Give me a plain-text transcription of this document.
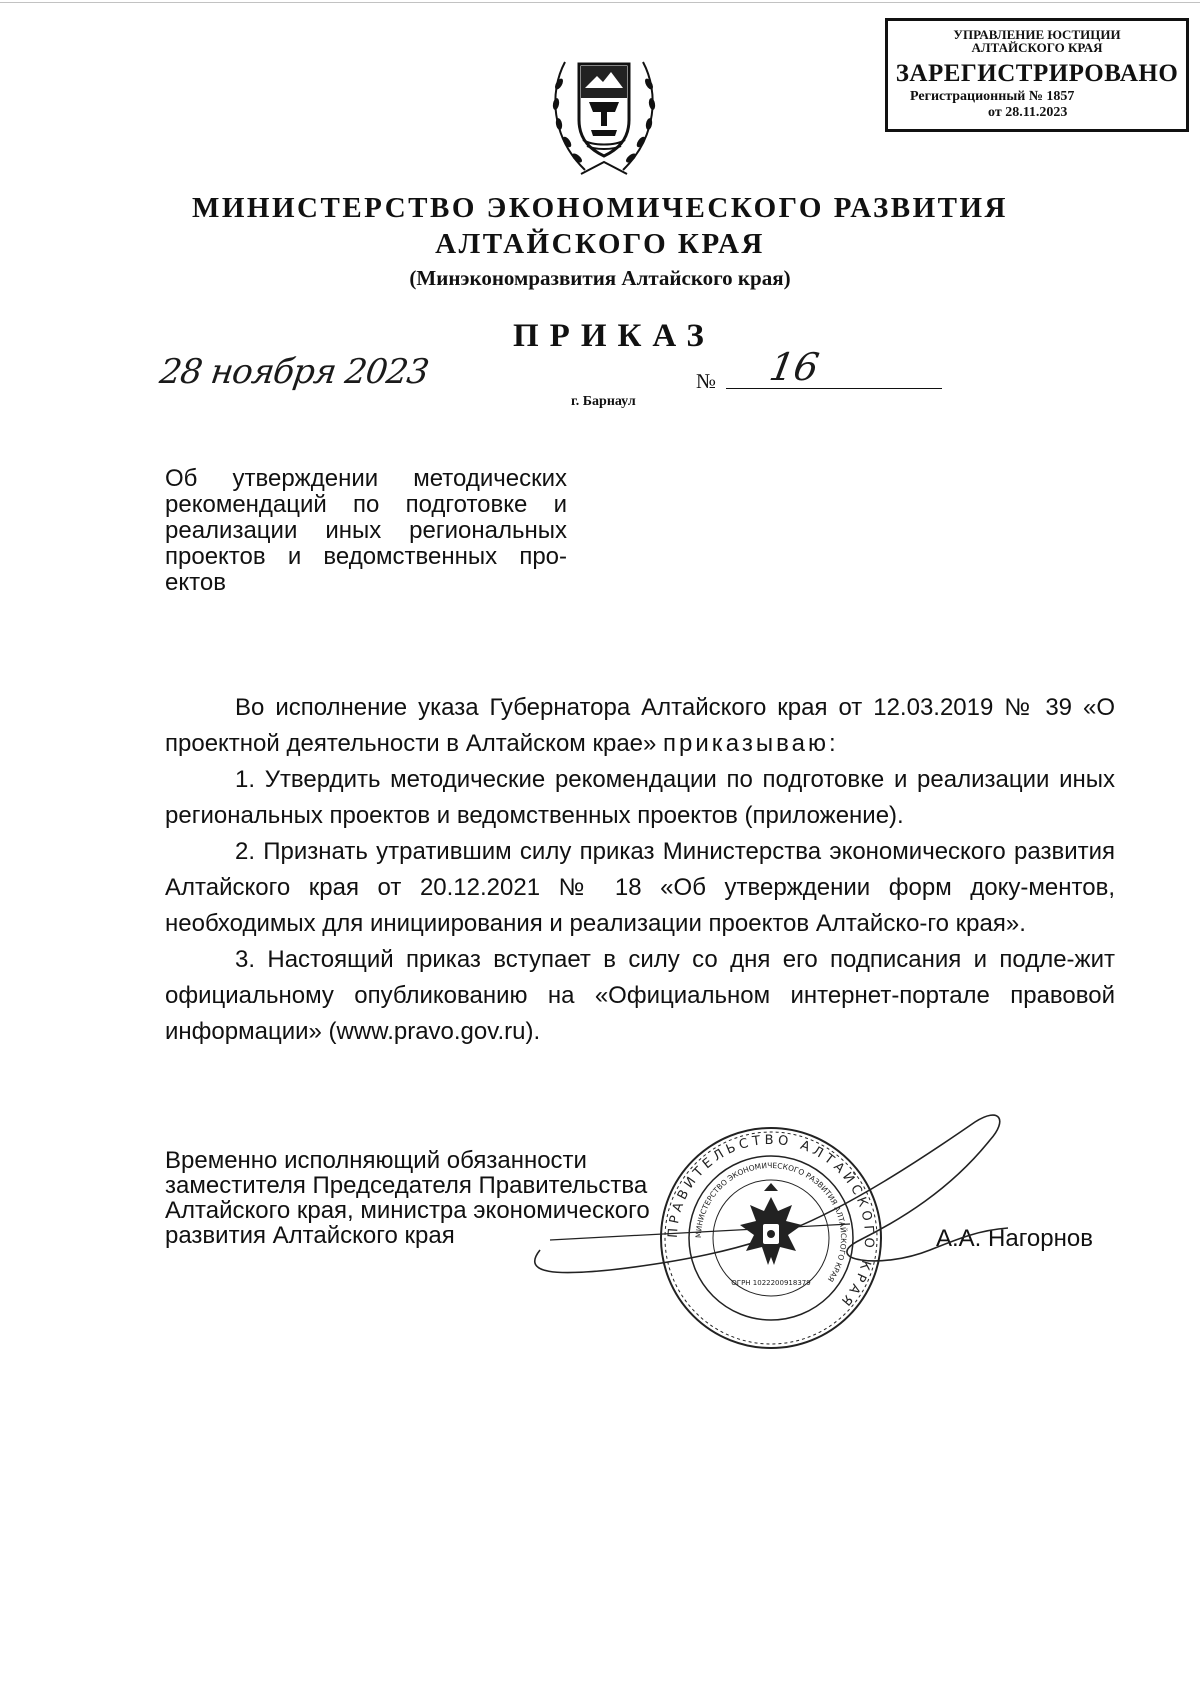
УПРАВЛЕНИЕ ЮСТИЦИИ
АЛТАЙСКОГО КРАЯ
ЗАРЕГИСТРИРОВАНО
Регистрационный № 1857
от 28.11.2023
МИНИСТЕРСТВО ЭКОНОМИЧЕСКОГО РАЗВИТИЯ
АЛТАЙСКОГО КРАЯ
(Минэкономразвития Алтайского края)
ПРИКАЗ
28 ноября 2023	№ 16
г. Барнаул
Об утверждении методических рекомендаций по подготовке и реализации иных региональных проектов и ведомственных про-ектов

Во исполнение указа Губернатора Алтайского края от 12.03.2019 № 39 «О проектной деятельности в Алтайском крае» приказываю:

1. Утвердить методические рекомендации по подготовке и реализации иных региональных проектов и ведомственных проектов (приложение).

2. Признать утратившим силу приказ Министерства экономического развития Алтайского края от 20.12.2021 № 18 «Об утверждении форм доку-ментов, необходимых для инициирования и реализации проектов Алтайско-го края».

3. Настоящий приказ вступает в силу со дня его подписания и подле-жит официальному опубликованию на «Официальном интернет-портале правовой информации» (www.pravo.gov.ru).

Временно исполняющий обязанности
заместителя Председателя Правительства
Алтайского края, министра экономического
развития Алтайского края	А.А. Нагорнов
ПРАВИТЕЛЬСТВО АЛТАЙСКОГО КРАЯ
МИНИСТЕРСТВО ЭКОНОМИЧЕСКОГО РАЗВИТИЯ АЛТАЙСКОГО КРАЯ
ОГРН 1022200918379
